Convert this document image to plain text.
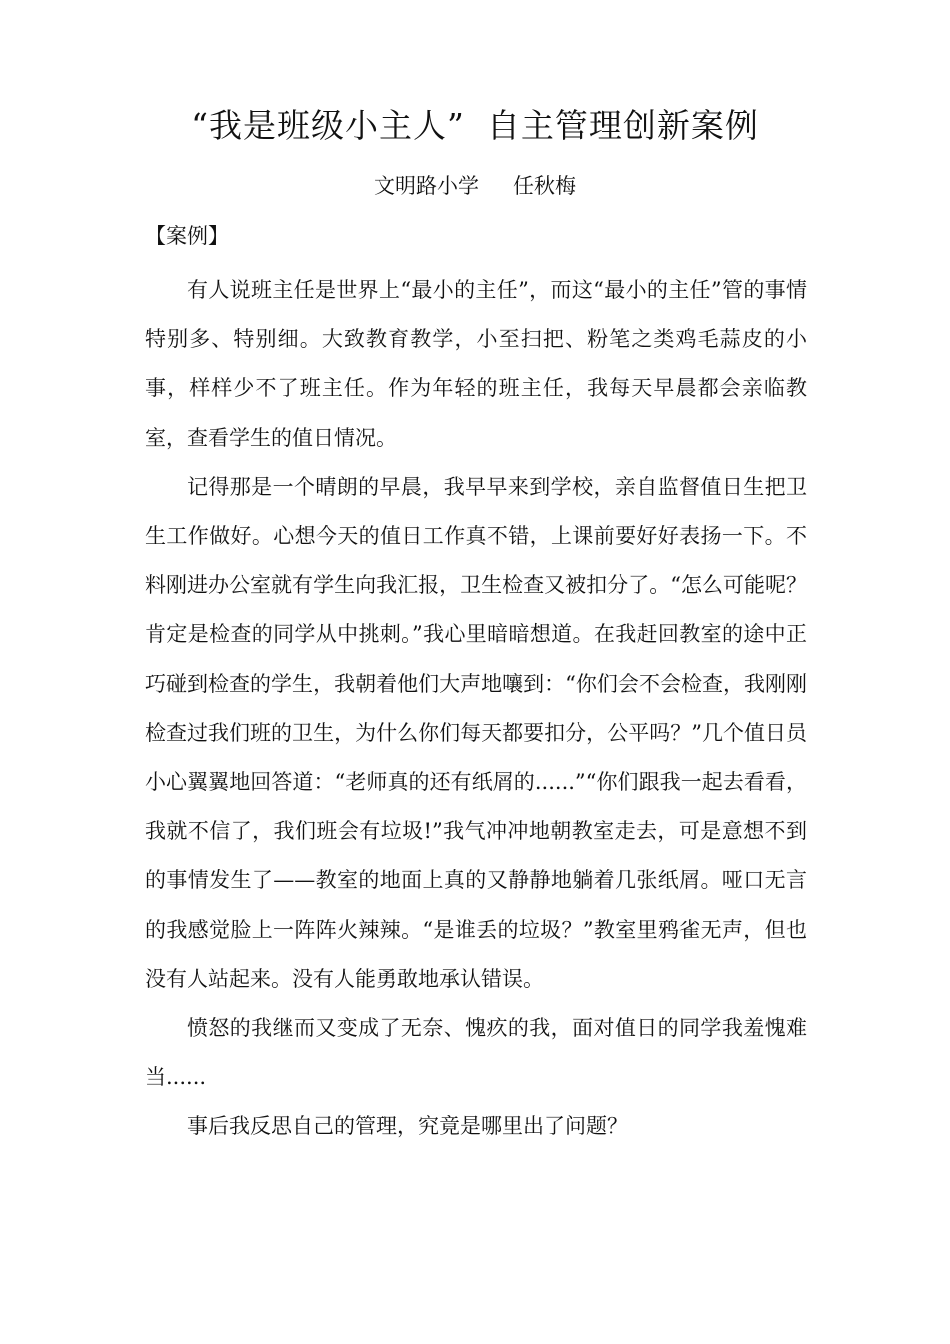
“我是班级小主人” 自主管理创新案例
文明路小学 任秋梅
【案例】

有人说班主任是世界上“最小的主任”，而这“最小的主任”管的事情特别多、特别细。大致教育教学，小至扫把、粉笔之类鸡毛蒜皮的小事，样样少不了班主任。作为年轻的班主任，我每天早晨都会亲临教室，查看学生的值日情况。

记得那是一个晴朗的早晨，我早早来到学校，亲自监督值日生把卫生工作做好。心想今天的值日工作真不错，上课前要好好表扬一下。不料刚进办公室就有学生向我汇报，卫生检查又被扣分了。“怎么可能呢？肯定是检查的同学从中挑刺。”我心里暗暗想道。在我赶回教室的途中正巧碰到检查的学生，我朝着他们大声地嚷到：“你们会不会检查，我刚刚检查过我们班的卫生，为什么你们每天都要扣分，公平吗？”几个值日员小心翼翼地回答道：“老师真的还有纸屑的......”“你们跟我一起去看看，我就不信了，我们班会有垃圾!”我气冲冲地朝教室走去，可是意想不到的事情发生了——教室的地面上真的又静静地躺着几张纸屑。哑口无言的我感觉脸上一阵阵火辣辣。“是谁丢的垃圾？”教室里鸦雀无声，但也没有人站起来。没有人能勇敢地承认错误。

愤怒的我继而又变成了无奈、愧疚的我，面对值日的同学我羞愧难当......

事后我反思自己的管理，究竟是哪里出了问题？
